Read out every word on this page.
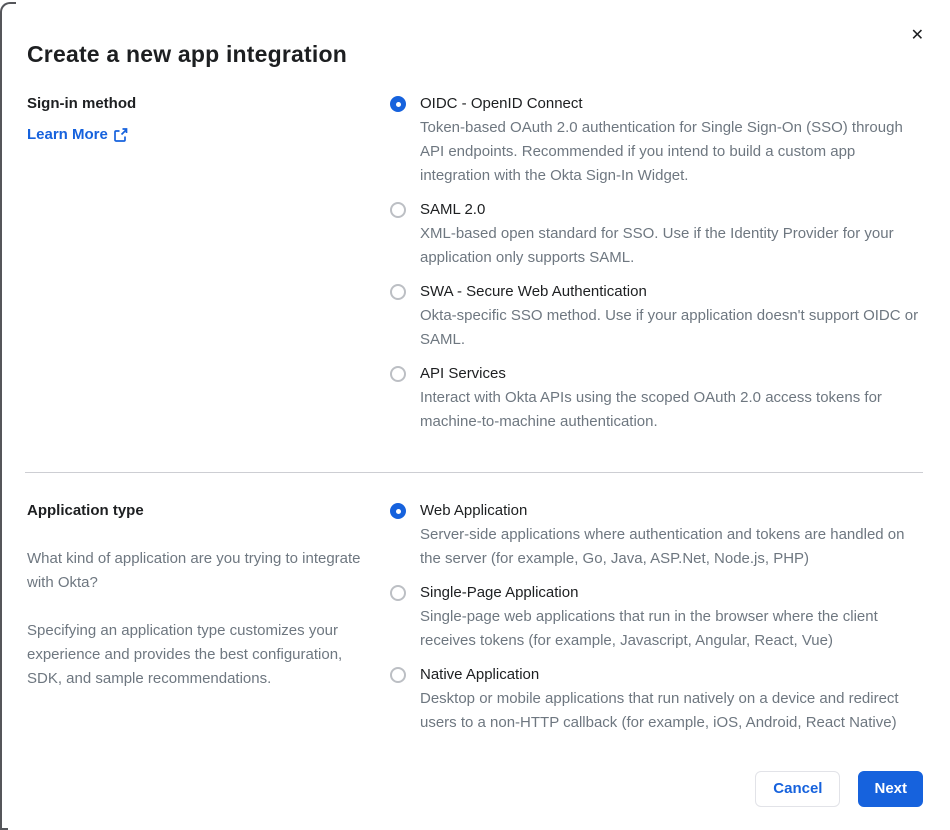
Create a new app integration
✕
Sign-in method
Learn More
OIDC - OpenID Connect
Token-based OAuth 2.0 authentication for Single Sign-On (SSO) through API endpoints. Recommended if you intend to build a custom app integration with the Okta Sign-In Widget.
SAML 2.0
XML-based open standard for SSO. Use if the Identity Provider for your application only supports SAML.
SWA - Secure Web Authentication
Okta-specific SSO method. Use if your application doesn't support OIDC or SAML.
API Services
Interact with Okta APIs using the scoped OAuth 2.0 access tokens for machine-to-machine authentication.
Application type

What kind of application are you trying to integrate with Okta?

Specifying an application type customizes your experience and provides the best configuration, SDK, and sample recommendations.

Web Application
Server-side applications where authentication and tokens are handled on the server (for example, Go, Java, ASP.Net, Node.js, PHP)
Single-Page Application
Single-page web applications that run in the browser where the client receives tokens (for example, Javascript, Angular, React, Vue)
Native Application
Desktop or mobile applications that run natively on a device and redirect users to a non-HTTP callback (for example, iOS, Android, React Native)
Cancel	Next
